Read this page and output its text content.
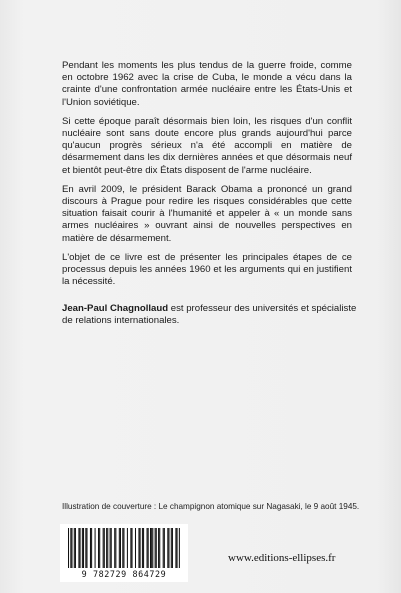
Pendant les moments les plus tendus de la guerre froide, comme en octobre 1962 avec la crise de Cuba, le monde a vécu dans la crainte d'une confrontation armée nucléaire entre les États-Unis et l'Union soviétique.

Si cette époque paraît désormais bien loin, les risques d'un conflit nucléaire sont sans doute encore plus grands aujourd'hui parce qu'aucun progrès sérieux n'a été accompli en matière de désarmement dans les dix dernières années et que désormais neuf et bientôt peut-être dix États disposent de l'arme nucléaire.

En avril 2009, le président Barack Obama a prononcé un grand discours à Prague pour redire les risques considérables que cette situation faisait courir à l'humanité et appeler à « un monde sans armes nucléaires » ouvrant ainsi de nouvelles perspectives en matière de désarmement.

L'objet de ce livre est de présenter les principales étapes de ce processus depuis les années 1960 et les arguments qui en justifient la nécessité.

Jean-Paul Chagnollaud est professeur des universités et spécialiste de relations internationales.
Illustration de couverture : Le champignon atomique sur Nagasaki, le 9 août 1945.
9 782729 864729
www.editions-ellipses.fr
